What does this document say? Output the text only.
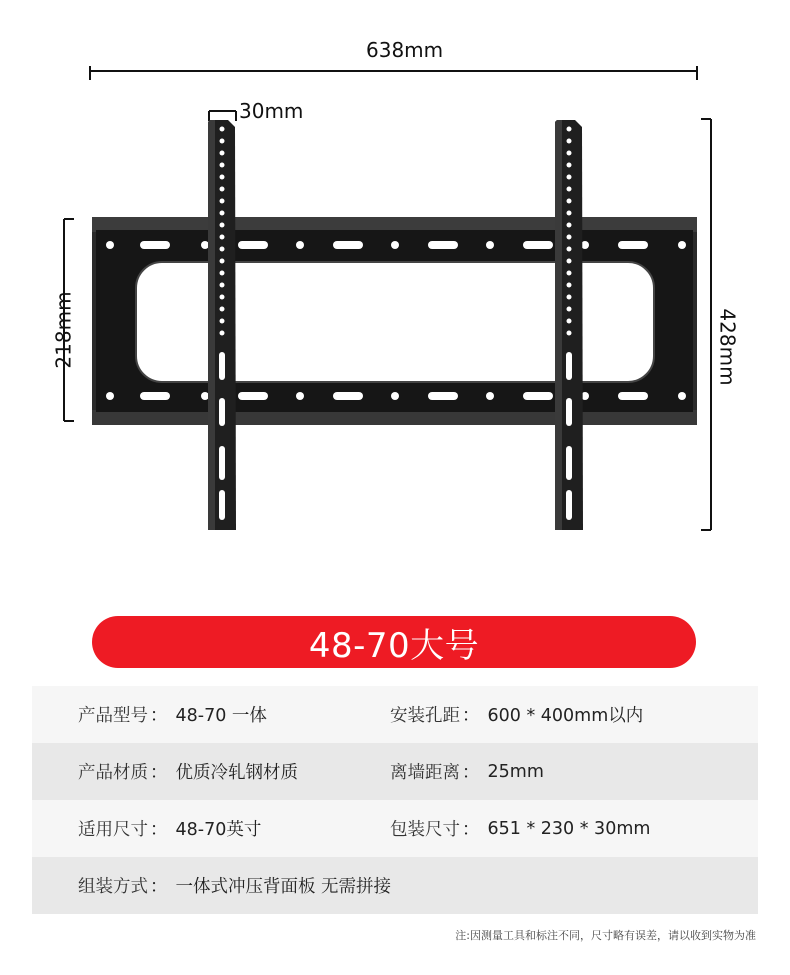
638mm
30mm
218mm	428mm
48-70大号
产品型号 ： 48-70 一体	安装孔距 ： 600 * 400mm以内
产品材质 ： 优质冷轧钢材质	离墙距离 ： 25mm
适用尺寸 ： 48-70英寸	包装尺寸 ： 651 * 230 * 30mm
组装方式 ： 一体式冲压背面板 无需拼接
注:因测量工具和标注不同，尺寸略有误差，请以收到实物为准
